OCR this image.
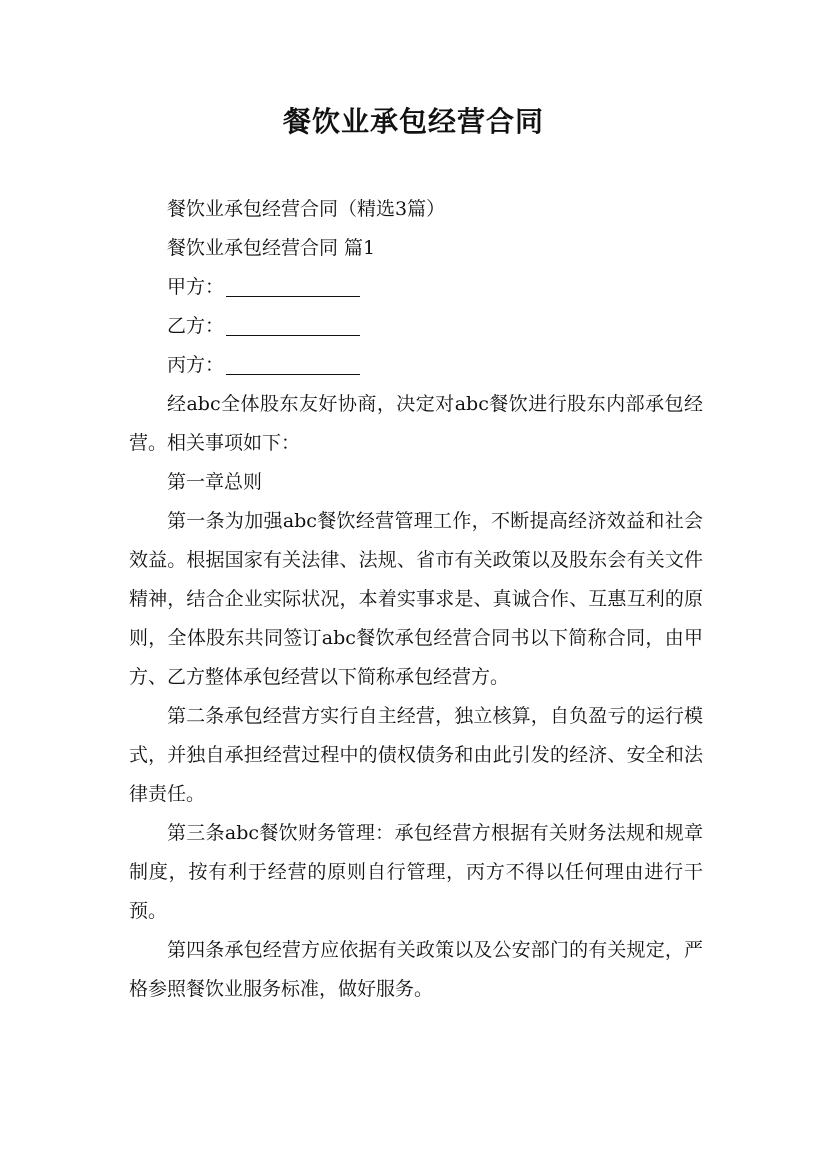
餐饮业承包经营合同

餐饮业承包经营合同（精选3篇）

餐饮业承包经营合同 篇1

甲方：

乙方：

丙方：

经abc全体股东友好协商，决定对abc餐饮进行股东内部承包经营。相关事项如下：

第一章总则

第一条为加强abc餐饮经营管理工作，不断提高经济效益和社会效益。根据国家有关法律、法规、省市有关政策以及股东会有关文件精神，结合企业实际状况，本着实事求是、真诚合作、互惠互利的原则，全体股东共同签订abc餐饮承包经营合同书以下简称合同，由甲方、乙方整体承包经营以下简称承包经营方。

第二条承包经营方实行自主经营，独立核算，自负盈亏的运行模式，并独自承担经营过程中的债权债务和由此引发的经济、安全和法律责任。

第三条abc餐饮财务管理：承包经营方根据有关财务法规和规章制度，按有利于经营的原则自行管理，丙方不得以任何理由进行干预。

第四条承包经营方应依据有关政策以及公安部门的有关规定，严格参照餐饮业服务标准，做好服务。
